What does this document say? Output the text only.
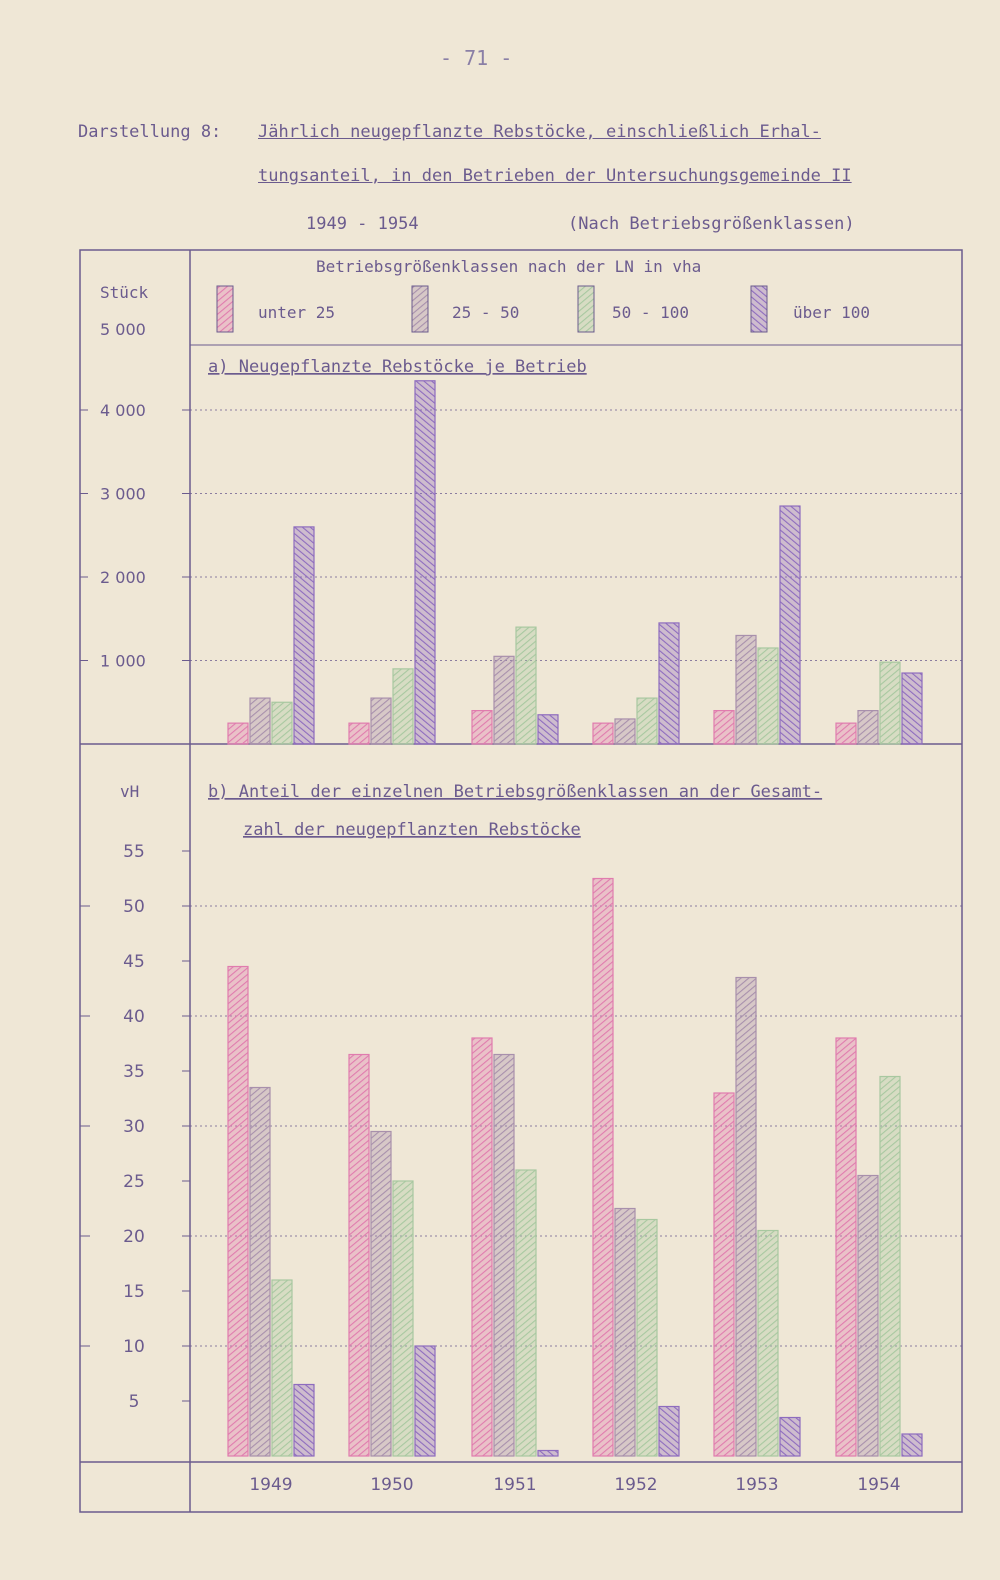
- 71 -
Darstellung 8: Jährlich neugepflanzte Rebstöcke, einschließlich Erhal-
tungsanteil, in den Betrieben der Untersuchungsgemeinde II
1949 - 1954	(Nach Betriebsgrößenklassen)
Betriebsgrößenklassen nach der LN in vha
unter 25	25 - 50	50 - 100	über 100
Stück
5 000
a) Neugepflanzte Rebstöcke je Betrieb
4 000
3 000
2 000
1 000
vH	b) Anteil der einzelnen Betriebsgrößenklassen an der Gesamt-
zahl der neugepflanzten Rebstöcke
55
50
45
40
35
30
25
20
15
10
5
1949	1950	1951	1952	1953	1954
